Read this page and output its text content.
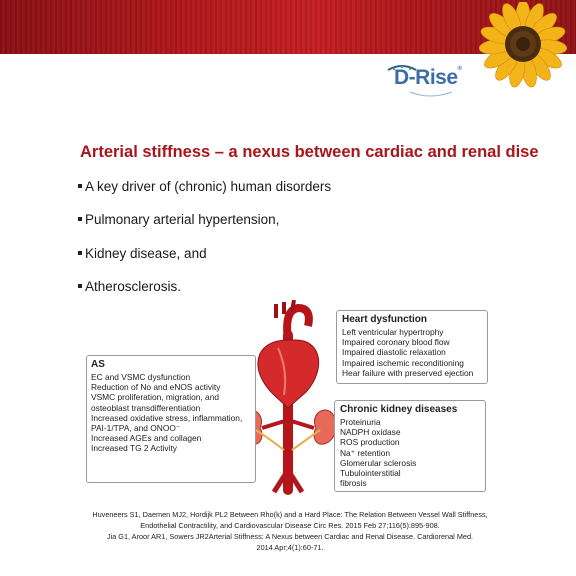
D-Rise®
Arterial stiffness – a nexus between cardiac and renal dise
A key driver of (chronic) human disorders
Pulmonary arterial hypertension,
Kidney disease, and
Atherosclerosis.
Heart dysfunction
Left ventricular hypertrophy
Impaired coronary blood flow
Impaired diastolic relaxation
Impaired ischemic reconditioning
Hear failure with preserved ejection
AS
EC and VSMC dysfunction
Reduction of No and eNOS activity
VSMC proliferation, migration, and
osteoblast transdifferentiation
Increased oxidative stress, inflammation,
PAI-1/TPA, and ONOO⁻
Increased AGEs and collagen
Increased TG 2 Activity
Chronic kidney diseases
Proteinuria
NADPH oxidase
ROS production
Na⁺ retention
Glomerular sclerosis
Tubulointerstitial
fibrosis
Huveneers S1, Daemen MJ2, Hordijk PL2 Between Rho(k) and a Hard Place: The Relation Between Vessel Wall Stiffness,
Endothelial Contractility, and Cardiovascular Disease Circ Res. 2015 Feb 27;116(5):895-908.
Jia G1, Aroor AR1, Sowers JR2Arterial Stiffness: A Nexus between Cardiac and Renal Disease. Cardiorenal Med.
2014 Apr;4(1):60-71.
